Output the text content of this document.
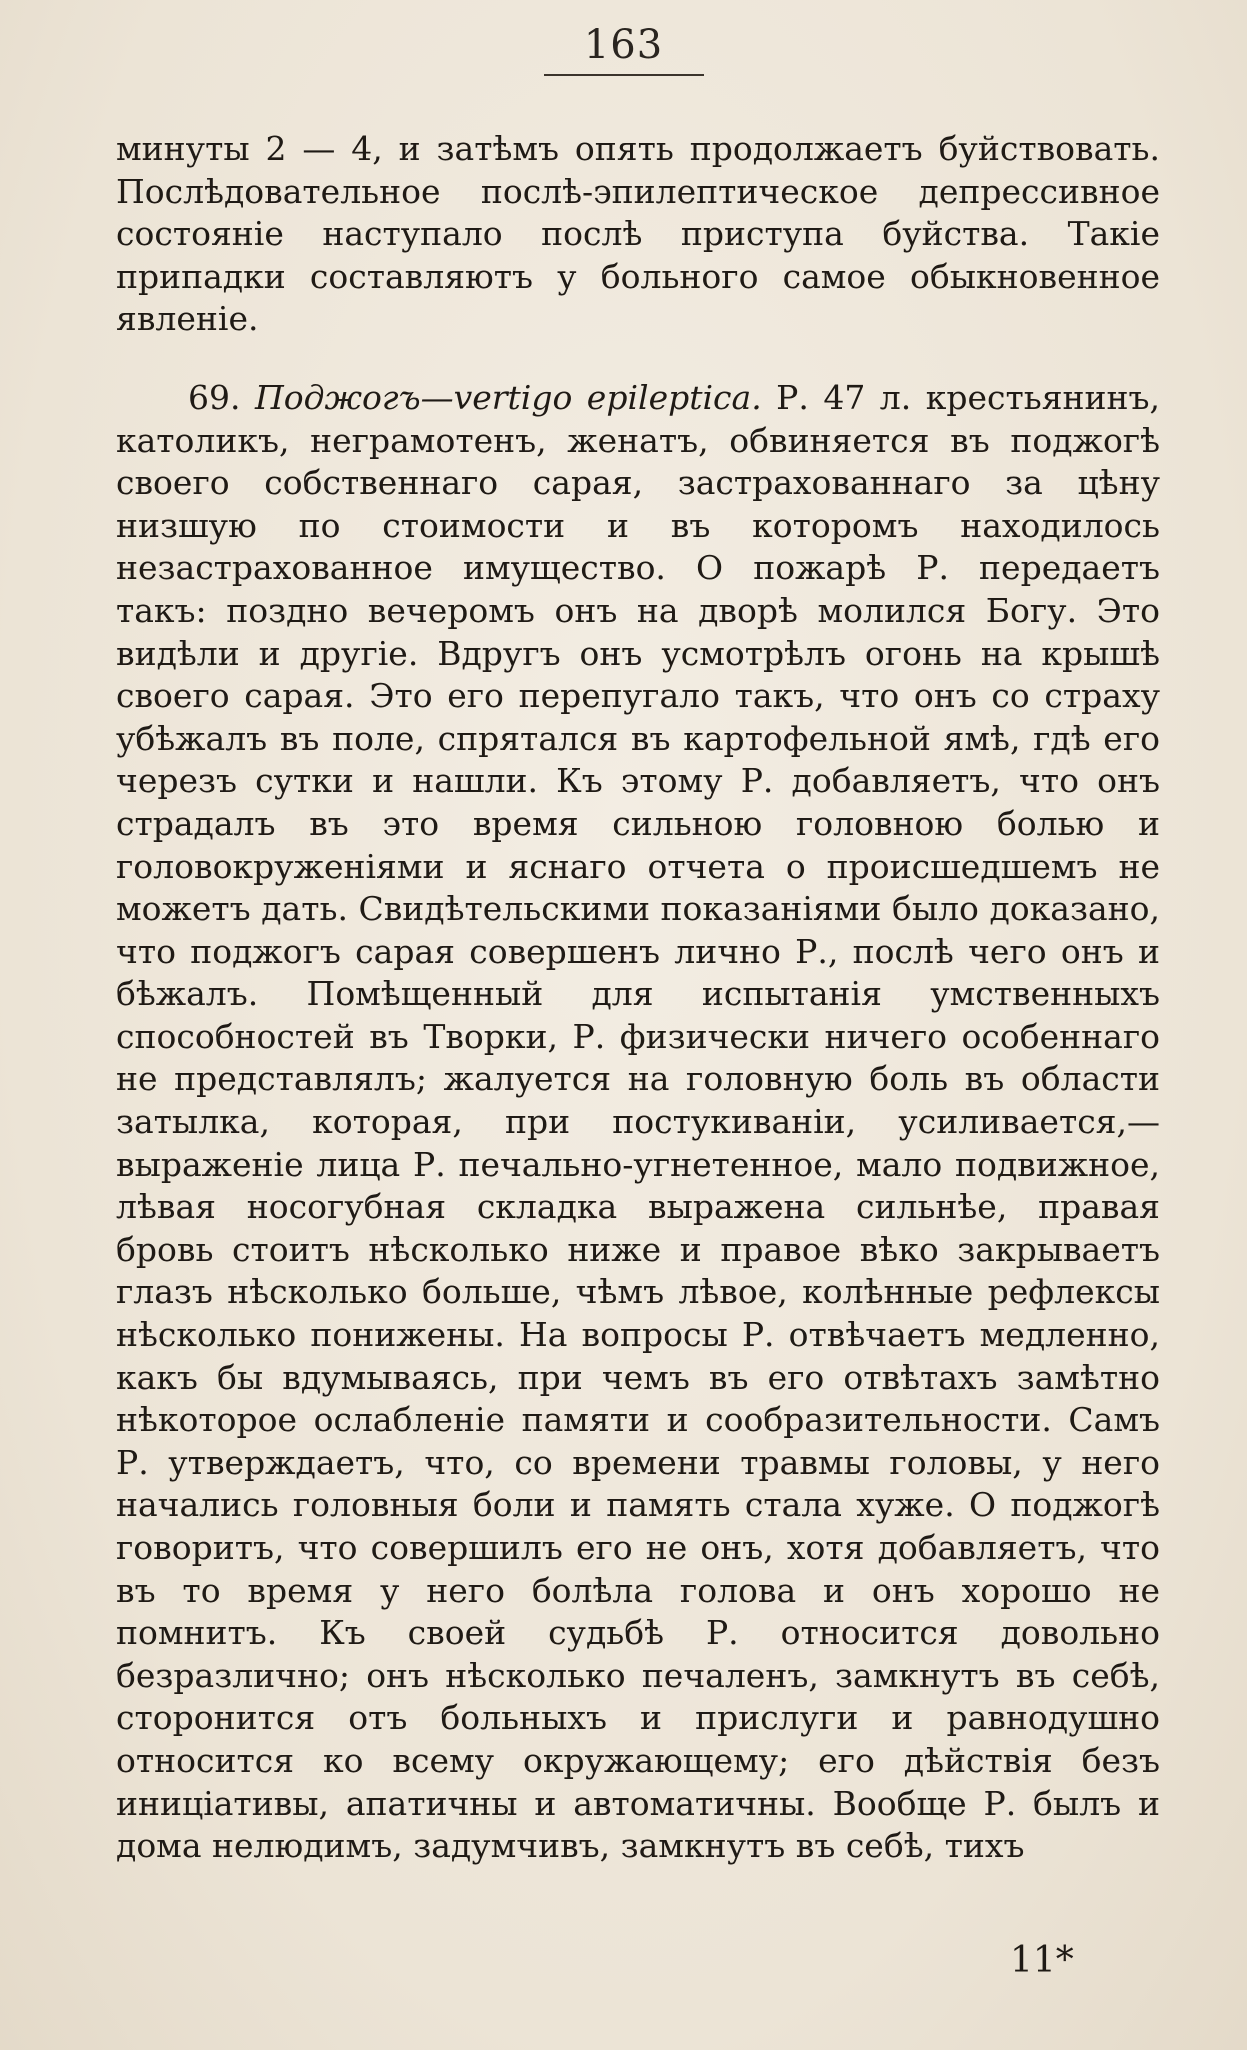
163

минуты 2 — 4, и затѣмъ опять продолжаетъ буйствовать. Послѣдовательное послѣ-эпилептическое депрессивное состояніе наступало послѣ приступа буйства. Такіе припадки составляютъ у больного самое обыкновенное явленіе.

69. Поджогъ—vertigo epileptica. Р. 47 л. крестьянинъ, католикъ, неграмотенъ, женатъ, обвиняется въ поджогѣ своего собственнаго сарая, застрахованнаго за цѣну низшую по стоимости и въ которомъ находилось незастрахованное имущество. О пожарѣ Р. передаетъ такъ: поздно вечеромъ онъ на дворѣ молился Богу. Это видѣли и другіе. Вдругъ онъ усмотрѣлъ огонь на крышѣ своего сарая. Это его перепугало такъ, что онъ со страху убѣжалъ въ поле, спрятался въ картофельной ямѣ, гдѣ его черезъ сутки и нашли. Къ этому Р. добавляетъ, что онъ страдалъ въ это время сильною головною болью и головокруженіями и яснаго отчета о происшедшемъ не можетъ дать. Свидѣтельскими показаніями было доказано, что поджогъ сарая совершенъ лично Р., послѣ чего онъ и бѣжалъ. Помѣщенный для испытанія умственныхъ способностей въ Творки, Р. физически ничего особеннаго не представлялъ; жалуется на головную боль въ области затылка, которая, при постукиваніи, усиливается,—выраженіе лица Р. печально-угнетенное, мало подвижное, лѣвая носогубная складка выражена сильнѣе, правая бровь стоитъ нѣсколько ниже и правое вѣко закрываетъ глазъ нѣсколько больше, чѣмъ лѣвое, колѣнные рефлексы нѣсколько понижены. На вопросы Р. отвѣчаетъ медленно, какъ бы вдумываясь, при чемъ въ его отвѣтахъ замѣтно нѣкоторое ослабленіе памяти и сообразительности. Самъ Р. утверждаетъ, что, со времени травмы головы, у него начались головныя боли и память стала хуже. О поджогѣ говоритъ, что совершилъ его не онъ, хотя добавляетъ, что въ то время у него болѣла голова и онъ хорошо не помнитъ. Къ своей судьбѣ Р. относится довольно безразлично; онъ нѣсколько печаленъ, замкнутъ въ себѣ, сторонится отъ больныхъ и прислуги и равнодушно относится ко всему окружающему; его дѣйствія безъ иниціативы, апатичны и автоматичны. Вообще Р. былъ и дома нелюдимъ, задумчивъ, замкнутъ въ себѣ, тихъ

11*
